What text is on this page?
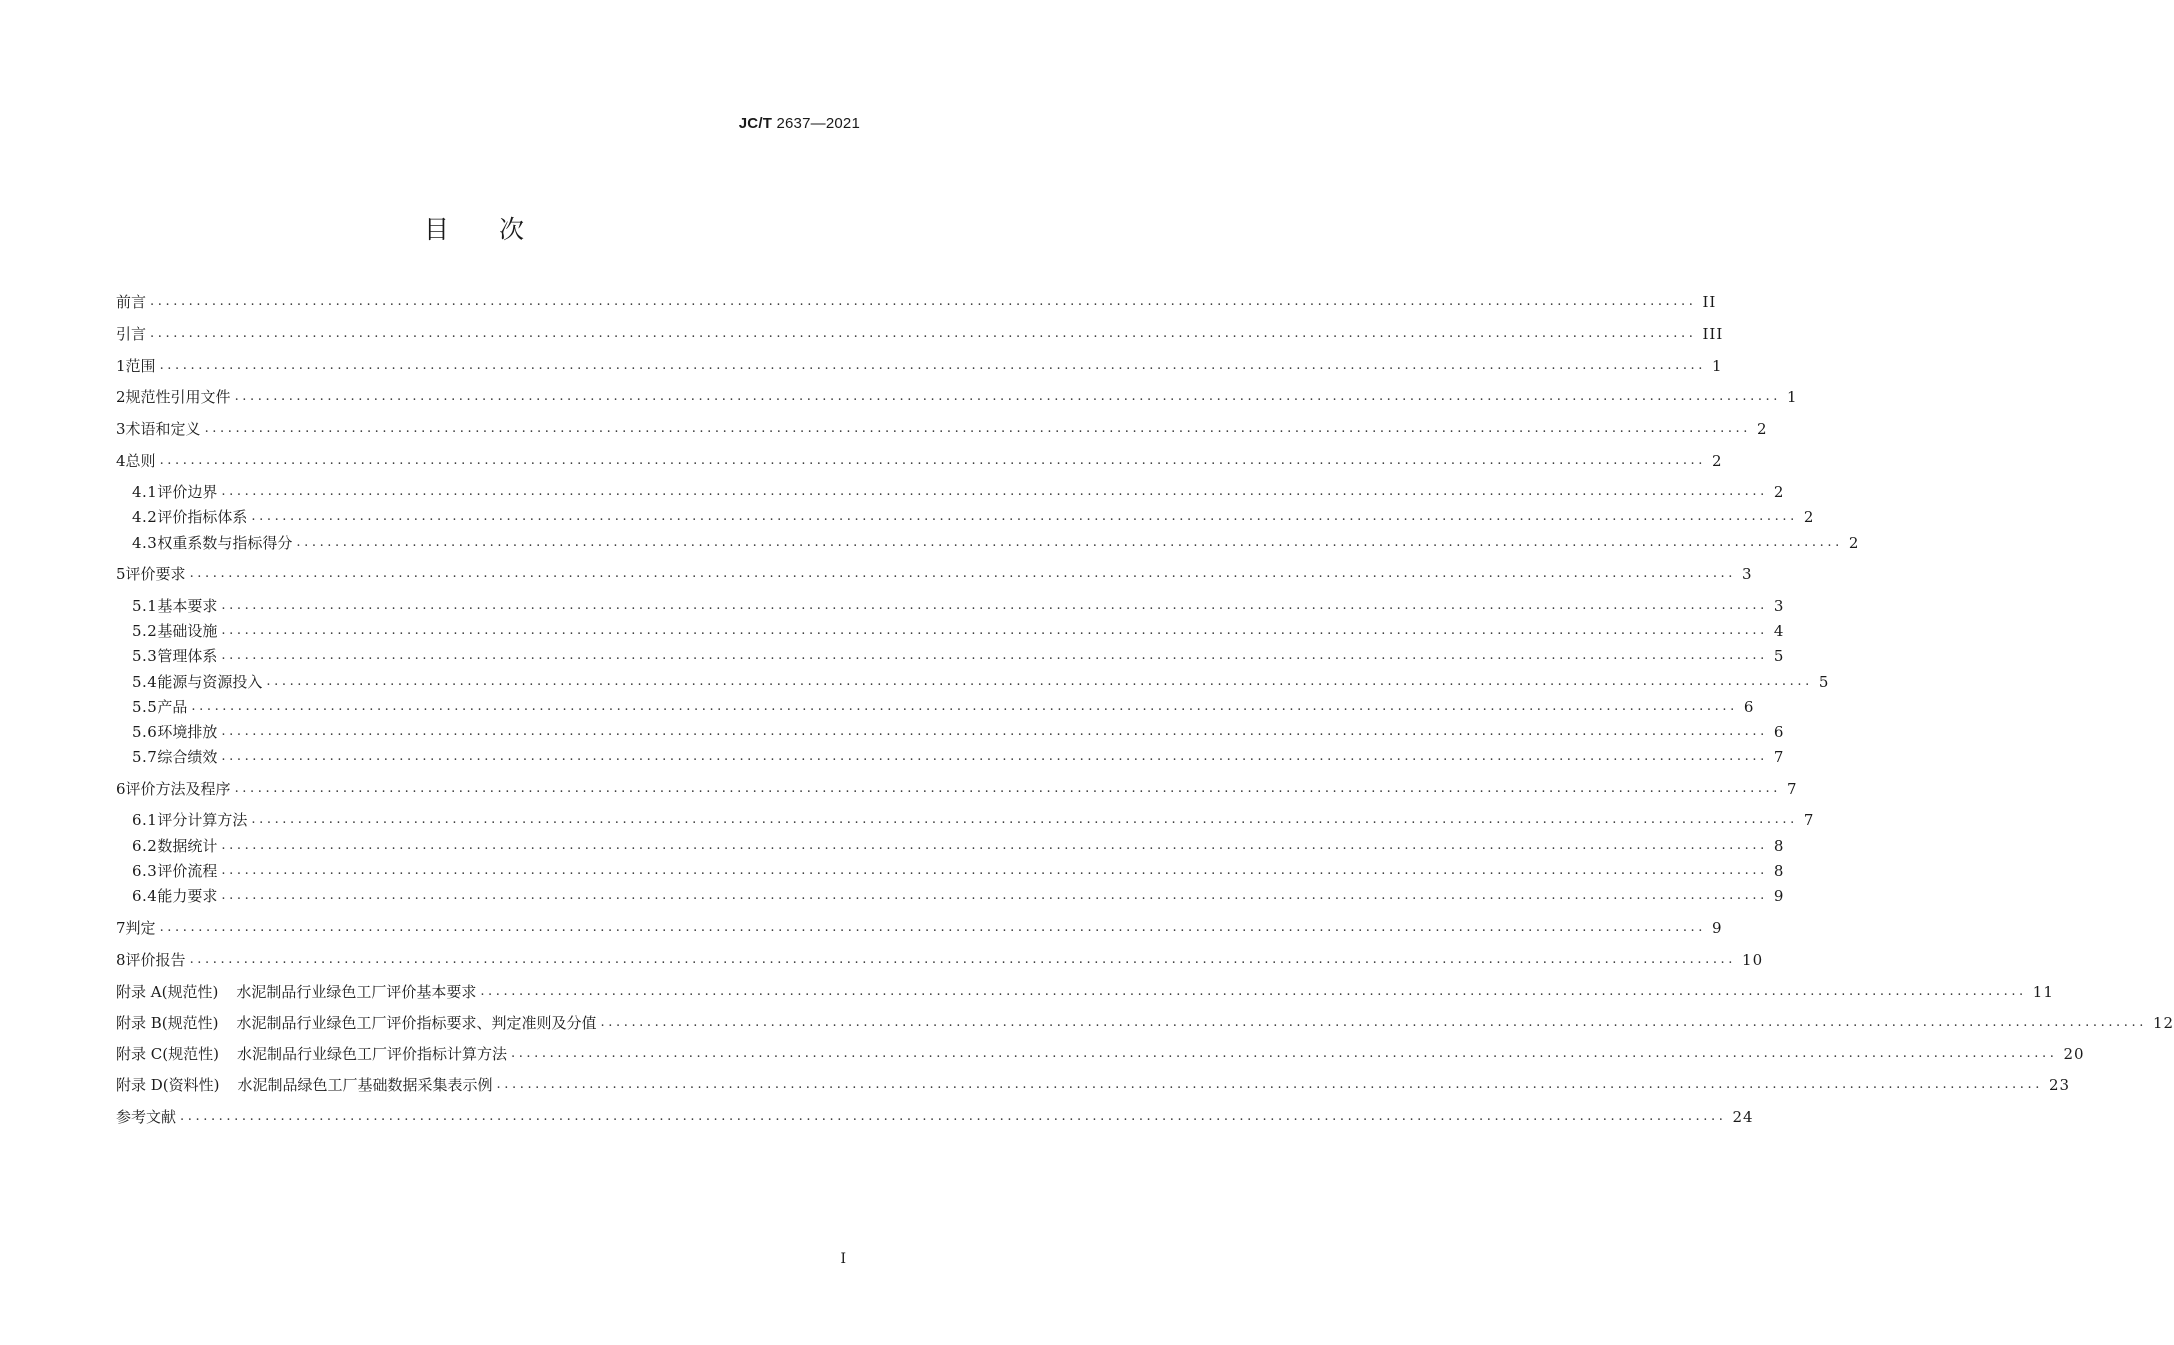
JC/T 2637—2021
目 次
前言 ........................................................................................................................................................................................................ II
引言 ........................................................................................................................................................................................................ III
1 范围 ........................................................................................................................................................................................................ 1
2 规范性引用文件 ........................................................................................................................................................................................................ 1
3 术语和定义 ........................................................................................................................................................................................................ 2
4 总则 ........................................................................................................................................................................................................ 2
4.1 评价边界 ........................................................................................................................................................................................................ 2
4.2 评价指标体系 ........................................................................................................................................................................................................ 2
4.3 权重系数与指标得分 ........................................................................................................................................................................................................ 2
5 评价要求 ........................................................................................................................................................................................................ 3
5.1 基本要求 ........................................................................................................................................................................................................ 3
5.2 基础设施 ........................................................................................................................................................................................................ 4
5.3 管理体系 ........................................................................................................................................................................................................ 5
5.4 能源与资源投入 ........................................................................................................................................................................................................ 5
5.5 产品 ........................................................................................................................................................................................................ 6
5.6 环境排放 ........................................................................................................................................................................................................ 6
5.7 综合绩效 ........................................................................................................................................................................................................ 7
6 评价方法及程序 ........................................................................................................................................................................................................ 7
6.1 评分计算方法 ........................................................................................................................................................................................................ 7
6.2 数据统计 ........................................................................................................................................................................................................ 8
6.3 评价流程 ........................................................................................................................................................................................................ 8
6.4 能力要求 ........................................................................................................................................................................................................ 9
7 判定 ........................................................................................................................................................................................................ 9
8 评价报告 ........................................................................................................................................................................................................ 10
附录 A(规范性) 水泥制品行业绿色工厂评价基本要求 ........................................................................................................................................................................................................ 11
附录 B(规范性) 水泥制品行业绿色工厂评价指标要求、判定准则及分值 ........................................................................................................................................................................................................ 12
附录 C(规范性) 水泥制品行业绿色工厂评价指标计算方法 ........................................................................................................................................................................................................ 20
附录 D(资料性) 水泥制品绿色工厂基础数据采集表示例 ........................................................................................................................................................................................................ 23
参考文献 ........................................................................................................................................................................................................ 24
I
